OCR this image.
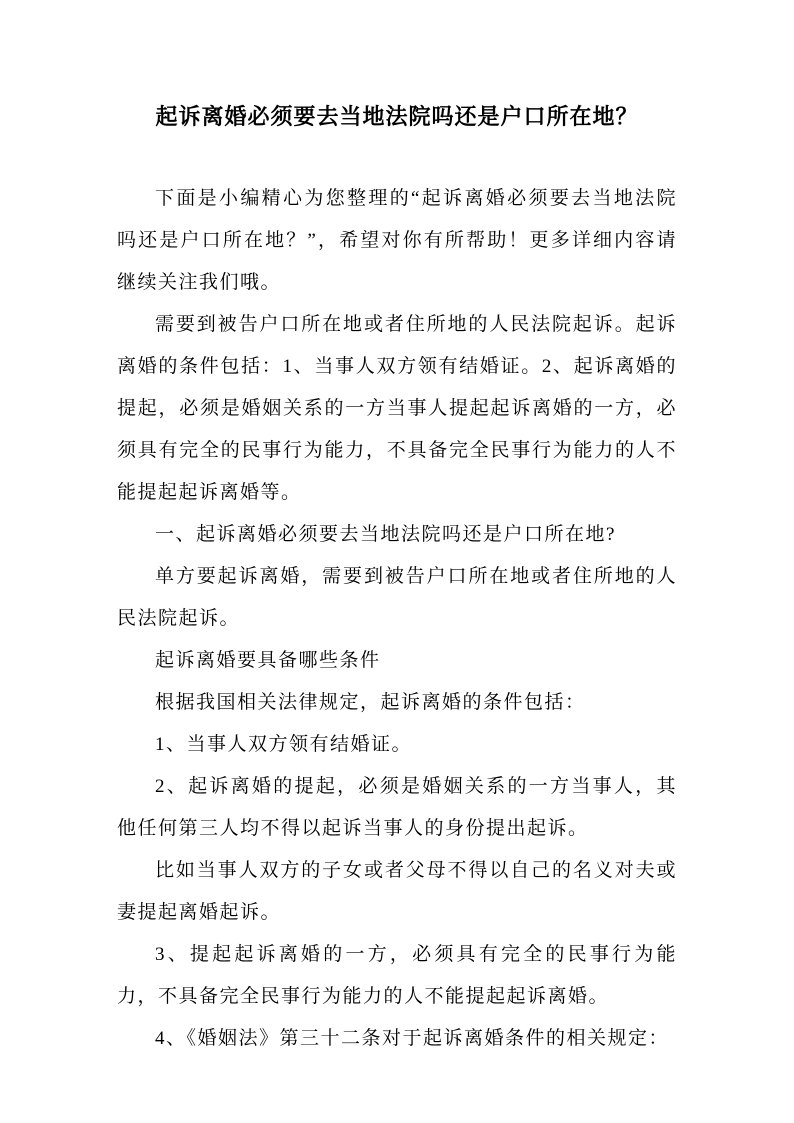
起诉离婚必须要去当地法院吗还是户口所在地？

下面是小编精心为您整理的“起诉离婚必须要去当地法院吗还是户口所在地？”，希望对你有所帮助！更多详细内容请继续关注我们哦。

需要到被告户口所在地或者住所地的人民法院起诉。起诉离婚的条件包括：1、当事人双方领有结婚证。2、起诉离婚的提起，必须是婚姻关系的一方当事人提起起诉离婚的一方，必须具有完全的民事行为能力，不具备完全民事行为能力的人不能提起起诉离婚等。

一、起诉离婚必须要去当地法院吗还是户口所在地?

单方要起诉离婚，需要到被告户口所在地或者住所地的人民法院起诉。

起诉离婚要具备哪些条件

根据我国相关法律规定，起诉离婚的条件包括：

1、当事人双方领有结婚证。

2、起诉离婚的提起，必须是婚姻关系的一方当事人，其他任何第三人均不得以起诉当事人的身份提出起诉。

比如当事人双方的子女或者父母不得以自己的名义对夫或妻提起离婚起诉。

3、提起起诉离婚的一方，必须具有完全的民事行为能力，不具备完全民事行为能力的人不能提起起诉离婚。

4、《婚姻法》第三十二条对于起诉离婚条件的相关规定：
